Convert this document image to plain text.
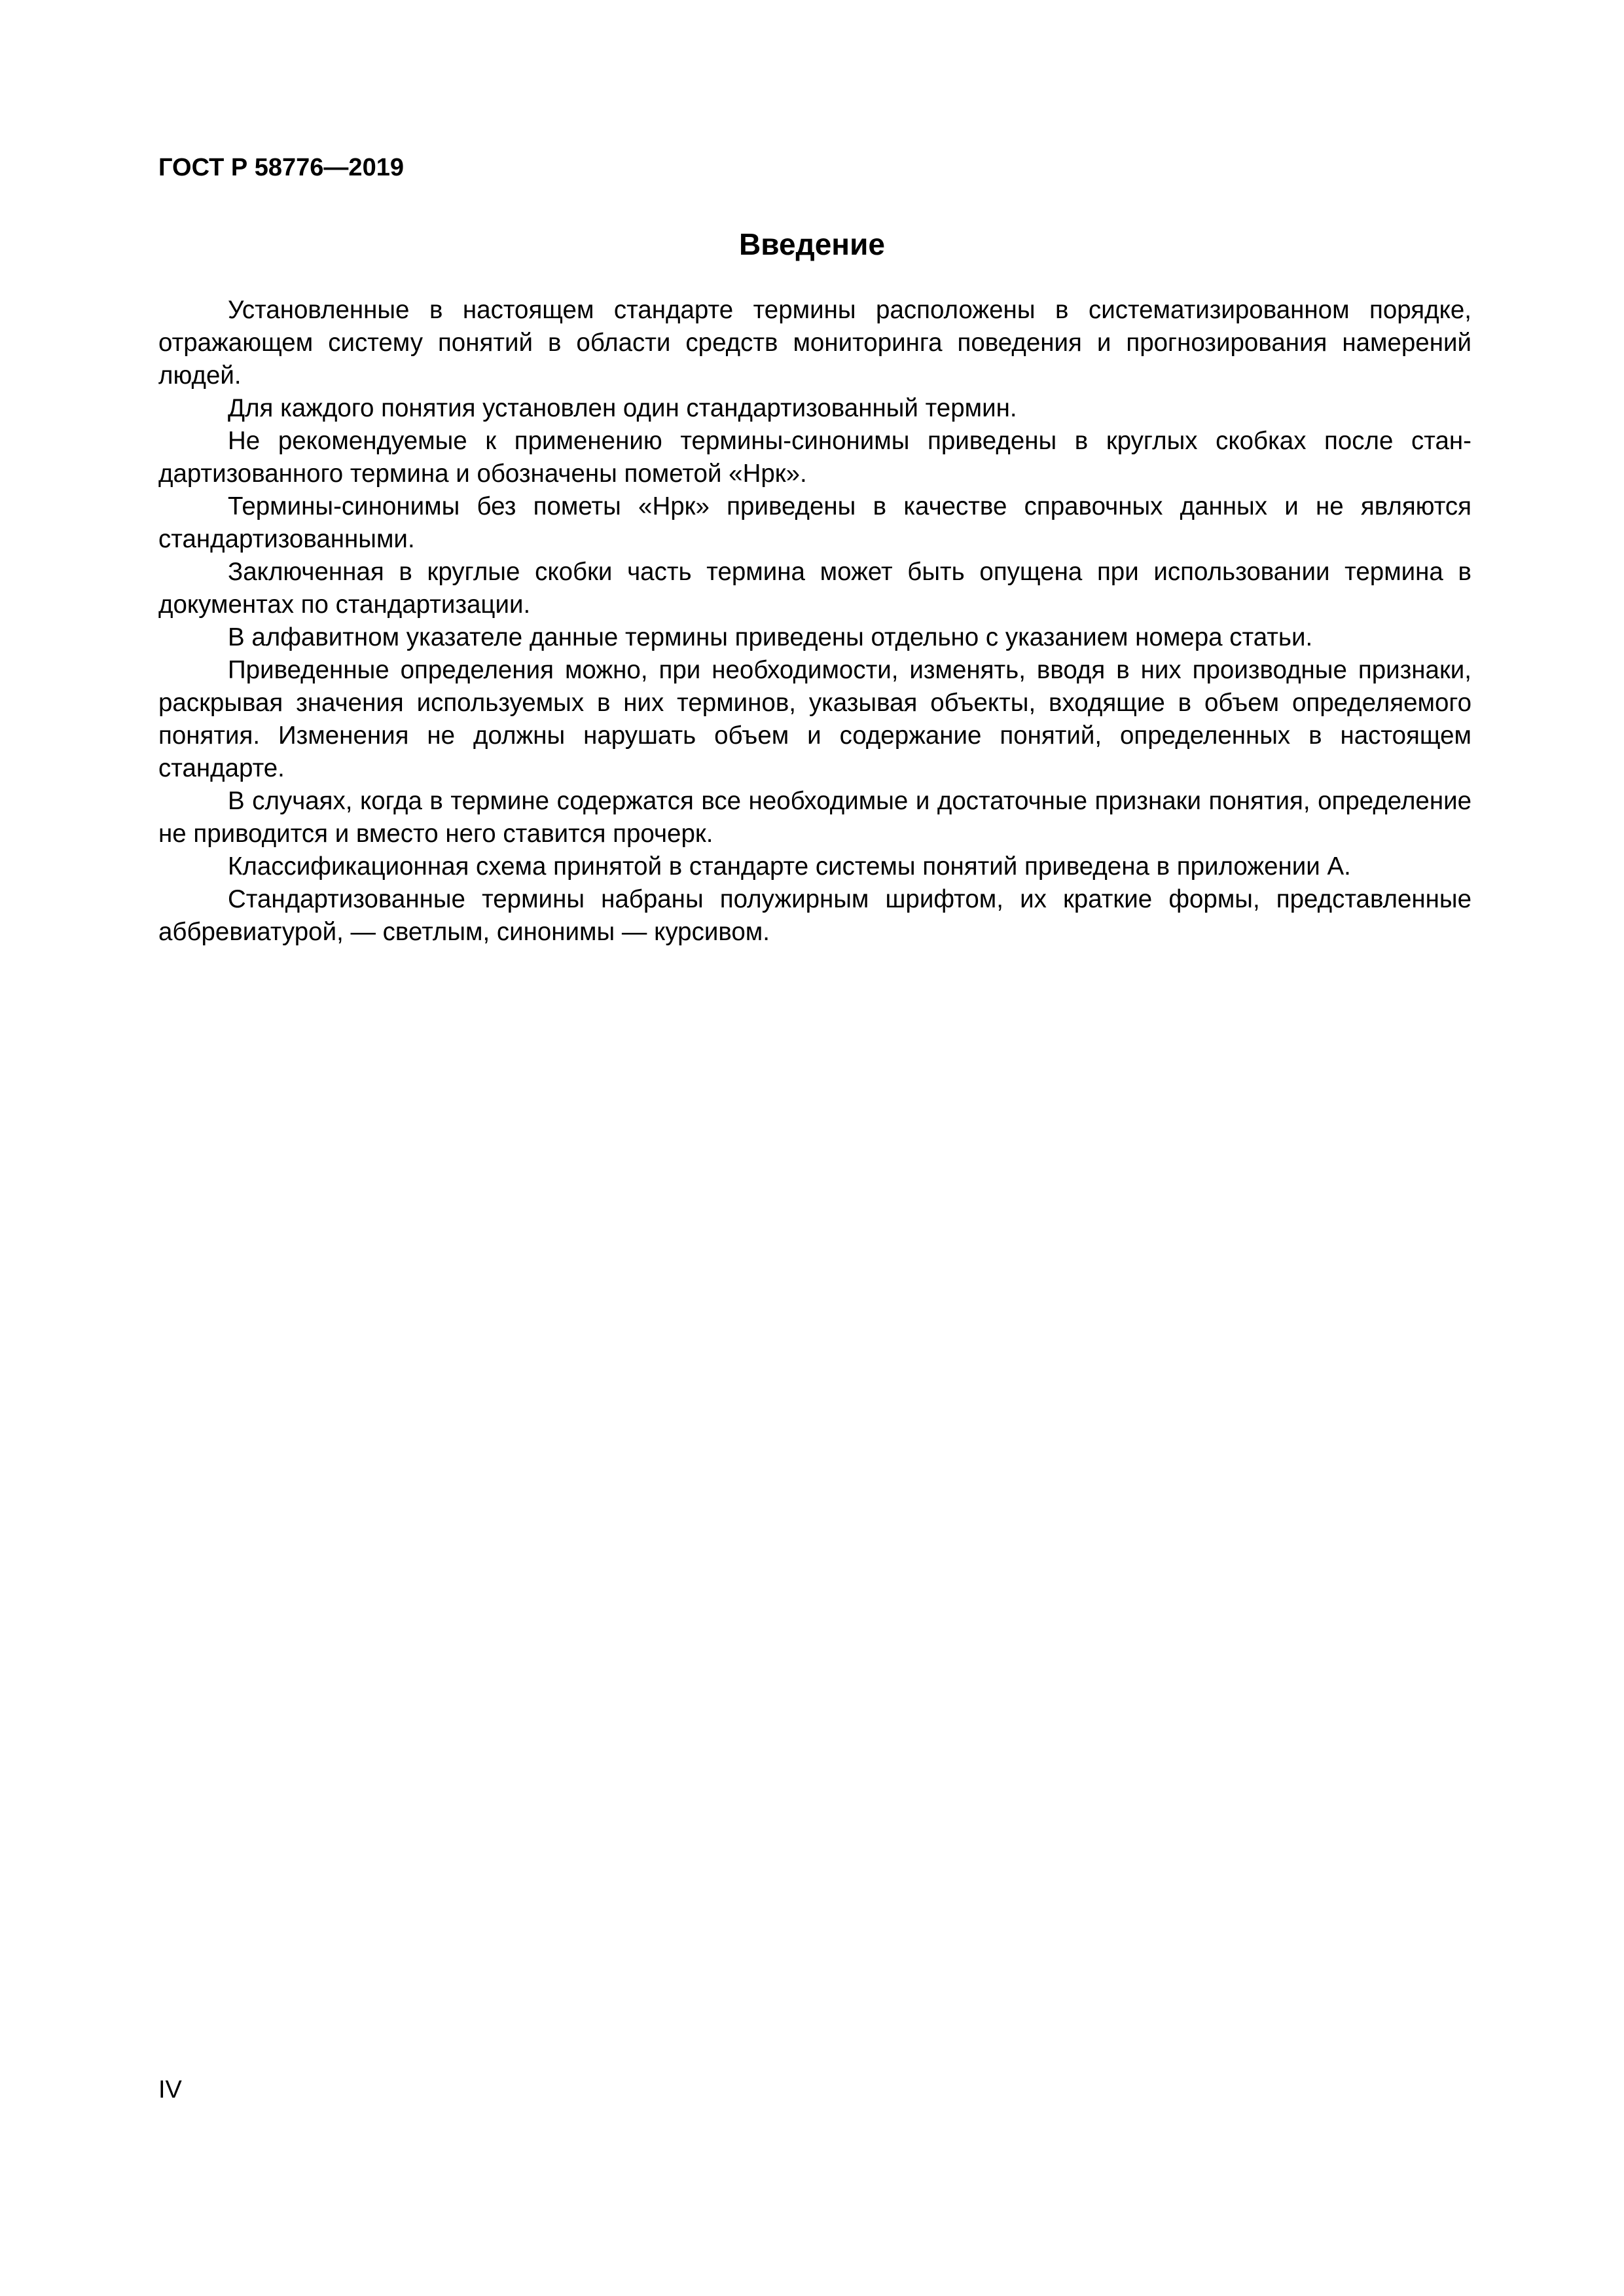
ГОСТ Р 58776—2019
Введение

Установленные в настоящем стандарте термины расположены в систематизированном порядке, отражающем систему понятий в области средств мониторинга поведения и прогнозирования намерений людей.

Для каждого понятия установлен один стандартизованный термин.

Не рекомендуемые к применению термины-синонимы приведены в круглых скобках после стандартизованного термина и обозначены пометой «Нрк».

Термины-синонимы без пометы «Нрк» приведены в качестве справочных данных и не являются стандартизованными.

Заключенная в круглые скобки часть термина может быть опущена при использовании термина в документах по стандартизации.

В алфавитном указателе данные термины приведены отдельно с указанием номера статьи.

Приведенные определения можно, при необходимости, изменять, вводя в них производные признаки, раскрывая значения используемых в них терминов, указывая объекты, входящие в объем определяемого понятия. Изменения не должны нарушать объем и содержание понятий, определенных в настоящем стандарте.

В случаях, когда в термине содержатся все необходимые и достаточные признаки понятия, определение не приводится и вместо него ставится прочерк.

Классификационная схема принятой в стандарте системы понятий приведена в приложении А.

Стандартизованные термины набраны полужирным шрифтом, их краткие формы, представленные аббревиатурой, — светлым, синонимы — курсивом.

IV
